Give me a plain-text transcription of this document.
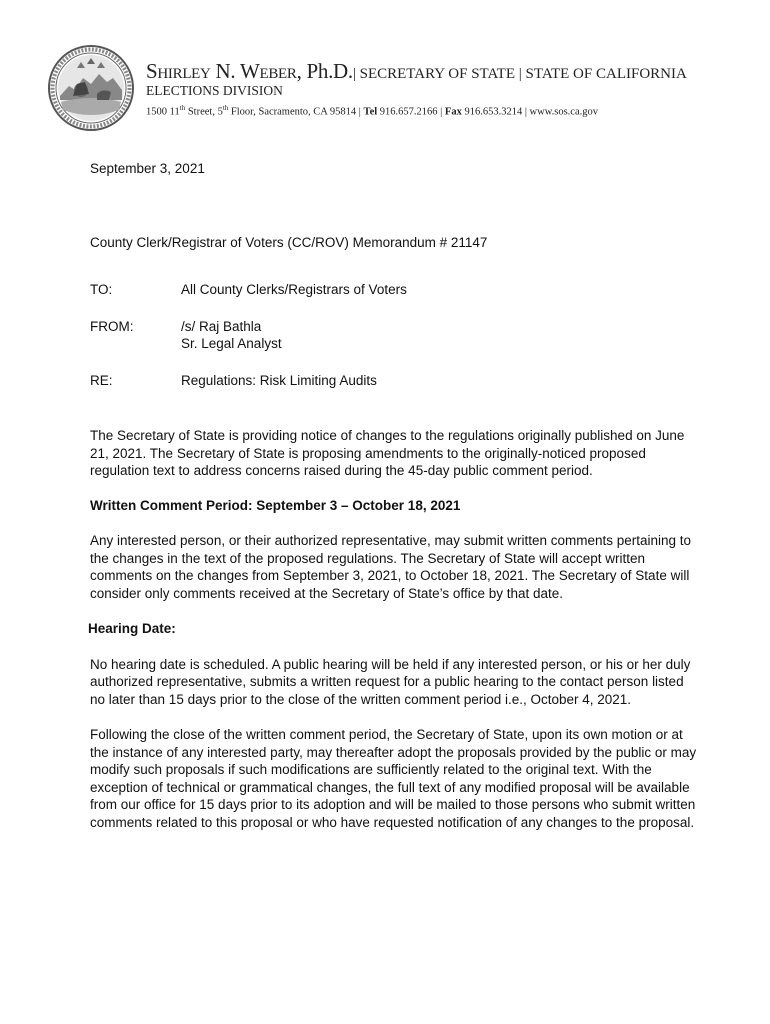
SHIRLEY N. WEBER, Ph.D.| SECRETARY OF STATE | STATE OF CALIFORNIA
ELECTIONS DIVISION
1500 11th Street, 5th Floor, Sacramento, CA 95814 | Tel 916.657.2166 | Fax 916.653.3214 | www.sos.ca.gov
September 3, 2021
County Clerk/Registrar of Voters (CC/ROV) Memorandum # 21147
TO:	All County Clerks/Registrars of Voters
FROM:	/s/ Raj Bathla
Sr. Legal Analyst
RE:	Regulations: Risk Limiting Audits

The Secretary of State is providing notice of changes to the regulations originally published on June 21, 2021. The Secretary of State is proposing amendments to the originally-noticed proposed regulation text to address concerns raised during the 45-day public comment period.

Written Comment Period: September 3 – October 18, 2021

Any interested person, or their authorized representative, may submit written comments pertaining to the changes in the text of the proposed regulations. The Secretary of State will accept written comments on the changes from September 3, 2021, to October 18, 2021. The Secretary of State will consider only comments received at the Secretary of State’s office by that date.

Hearing Date:

No hearing date is scheduled. A public hearing will be held if any interested person, or his or her duly authorized representative, submits a written request for a public hearing to the contact person listed no later than 15 days prior to the close of the written comment period i.e., October 4, 2021.

Following the close of the written comment period, the Secretary of State, upon its own motion or at the instance of any interested party, may thereafter adopt the proposals provided by the public or may modify such proposals if such modifications are sufficiently related to the original text. With the exception of technical or grammatical changes, the full text of any modified proposal will be available from our office for 15 days prior to its adoption and will be mailed to those persons who submit written comments related to this proposal or who have requested notification of any changes to the proposal.
